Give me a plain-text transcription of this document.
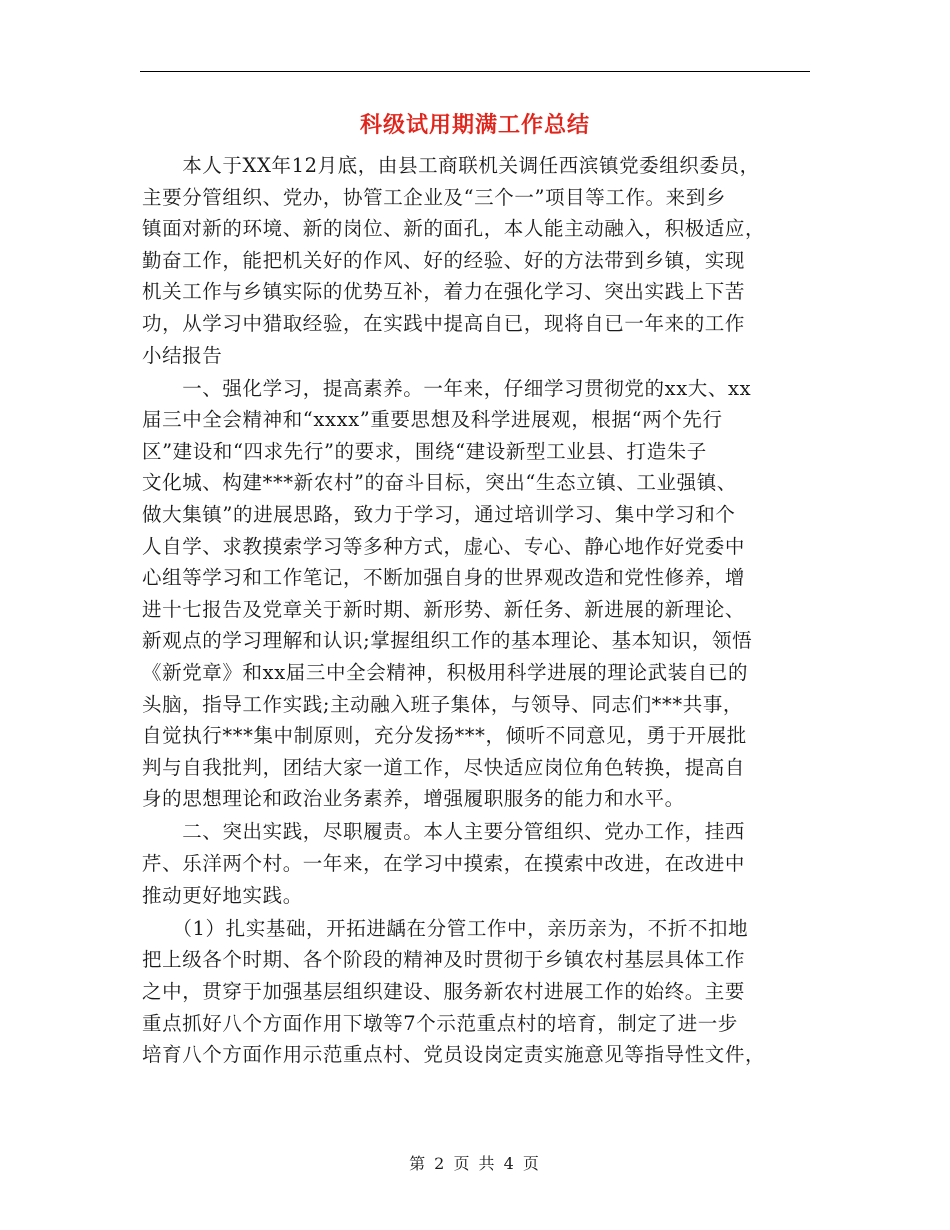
科级试用期满工作总结
　　本人于XX年12月底，由县工商联机关调任西滨镇党委组织委员，
主要分管组织、党办，协管工企业及“三个一”项目等工作。来到乡
镇面对新的环境、新的岗位、新的面孔，本人能主动融入，积极适应，
勤奋工作，能把机关好的作风、好的经验、好的方法带到乡镇，实现
机关工作与乡镇实际的优势互补，着力在强化学习、突出实践上下苦
功，从学习中猎取经验，在实践中提高自已，现将自已一年来的工作
小结报告
　　一、强化学习，提高素养。一年来，仔细学习贯彻党的xx大、xx
届三中全会精神和“xxxx”重要思想及科学进展观，根据“两个先行
区”建设和“四求先行”的要求，围绕“建设新型工业县、打造朱子
文化城、构建***新农村”的奋斗目标，突出“生态立镇、工业强镇、
做大集镇”的进展思路，致力于学习，通过培训学习、集中学习和个
人自学、求教摸索学习等多种方式，虚心、专心、静心地作好党委中
心组等学习和工作笔记，不断加强自身的世界观改造和党性修养，增
进十七报告及党章关于新时期、新形势、新任务、新进展的新理论、
新观点的学习理解和认识;掌握组织工作的基本理论、基本知识，领悟
《新党章》和xx届三中全会精神，积极用科学进展的理论武装自已的
头脑，指导工作实践;主动融入班子集体，与领导、同志们***共事，
自觉执行***集中制原则，充分发扬***，倾听不同意见，勇于开展批
判与自我批判，团结大家一道工作，尽快适应岗位角色转换，提高自
身的思想理论和政治业务素养，增强履职服务的能力和水平。
　　二、突出实践，尽职履责。本人主要分管组织、党办工作，挂西
芹、乐洋两个村。一年来，在学习中摸索，在摸索中改进，在改进中
推动更好地实践。
　　（1）扎实基础，开拓进龋在分管工作中，亲历亲为，不折不扣地
把上级各个时期、各个阶段的精神及时贯彻于乡镇农村基层具体工作
之中，贯穿于加强基层组织建设、服务新农村进展工作的始终。主要
重点抓好八个方面作用下墩等7个示范重点村的培育，制定了进一步
培育八个方面作用示范重点村、党员设岗定责实施意见等指导性文件，
第 2 页 共 4 页
